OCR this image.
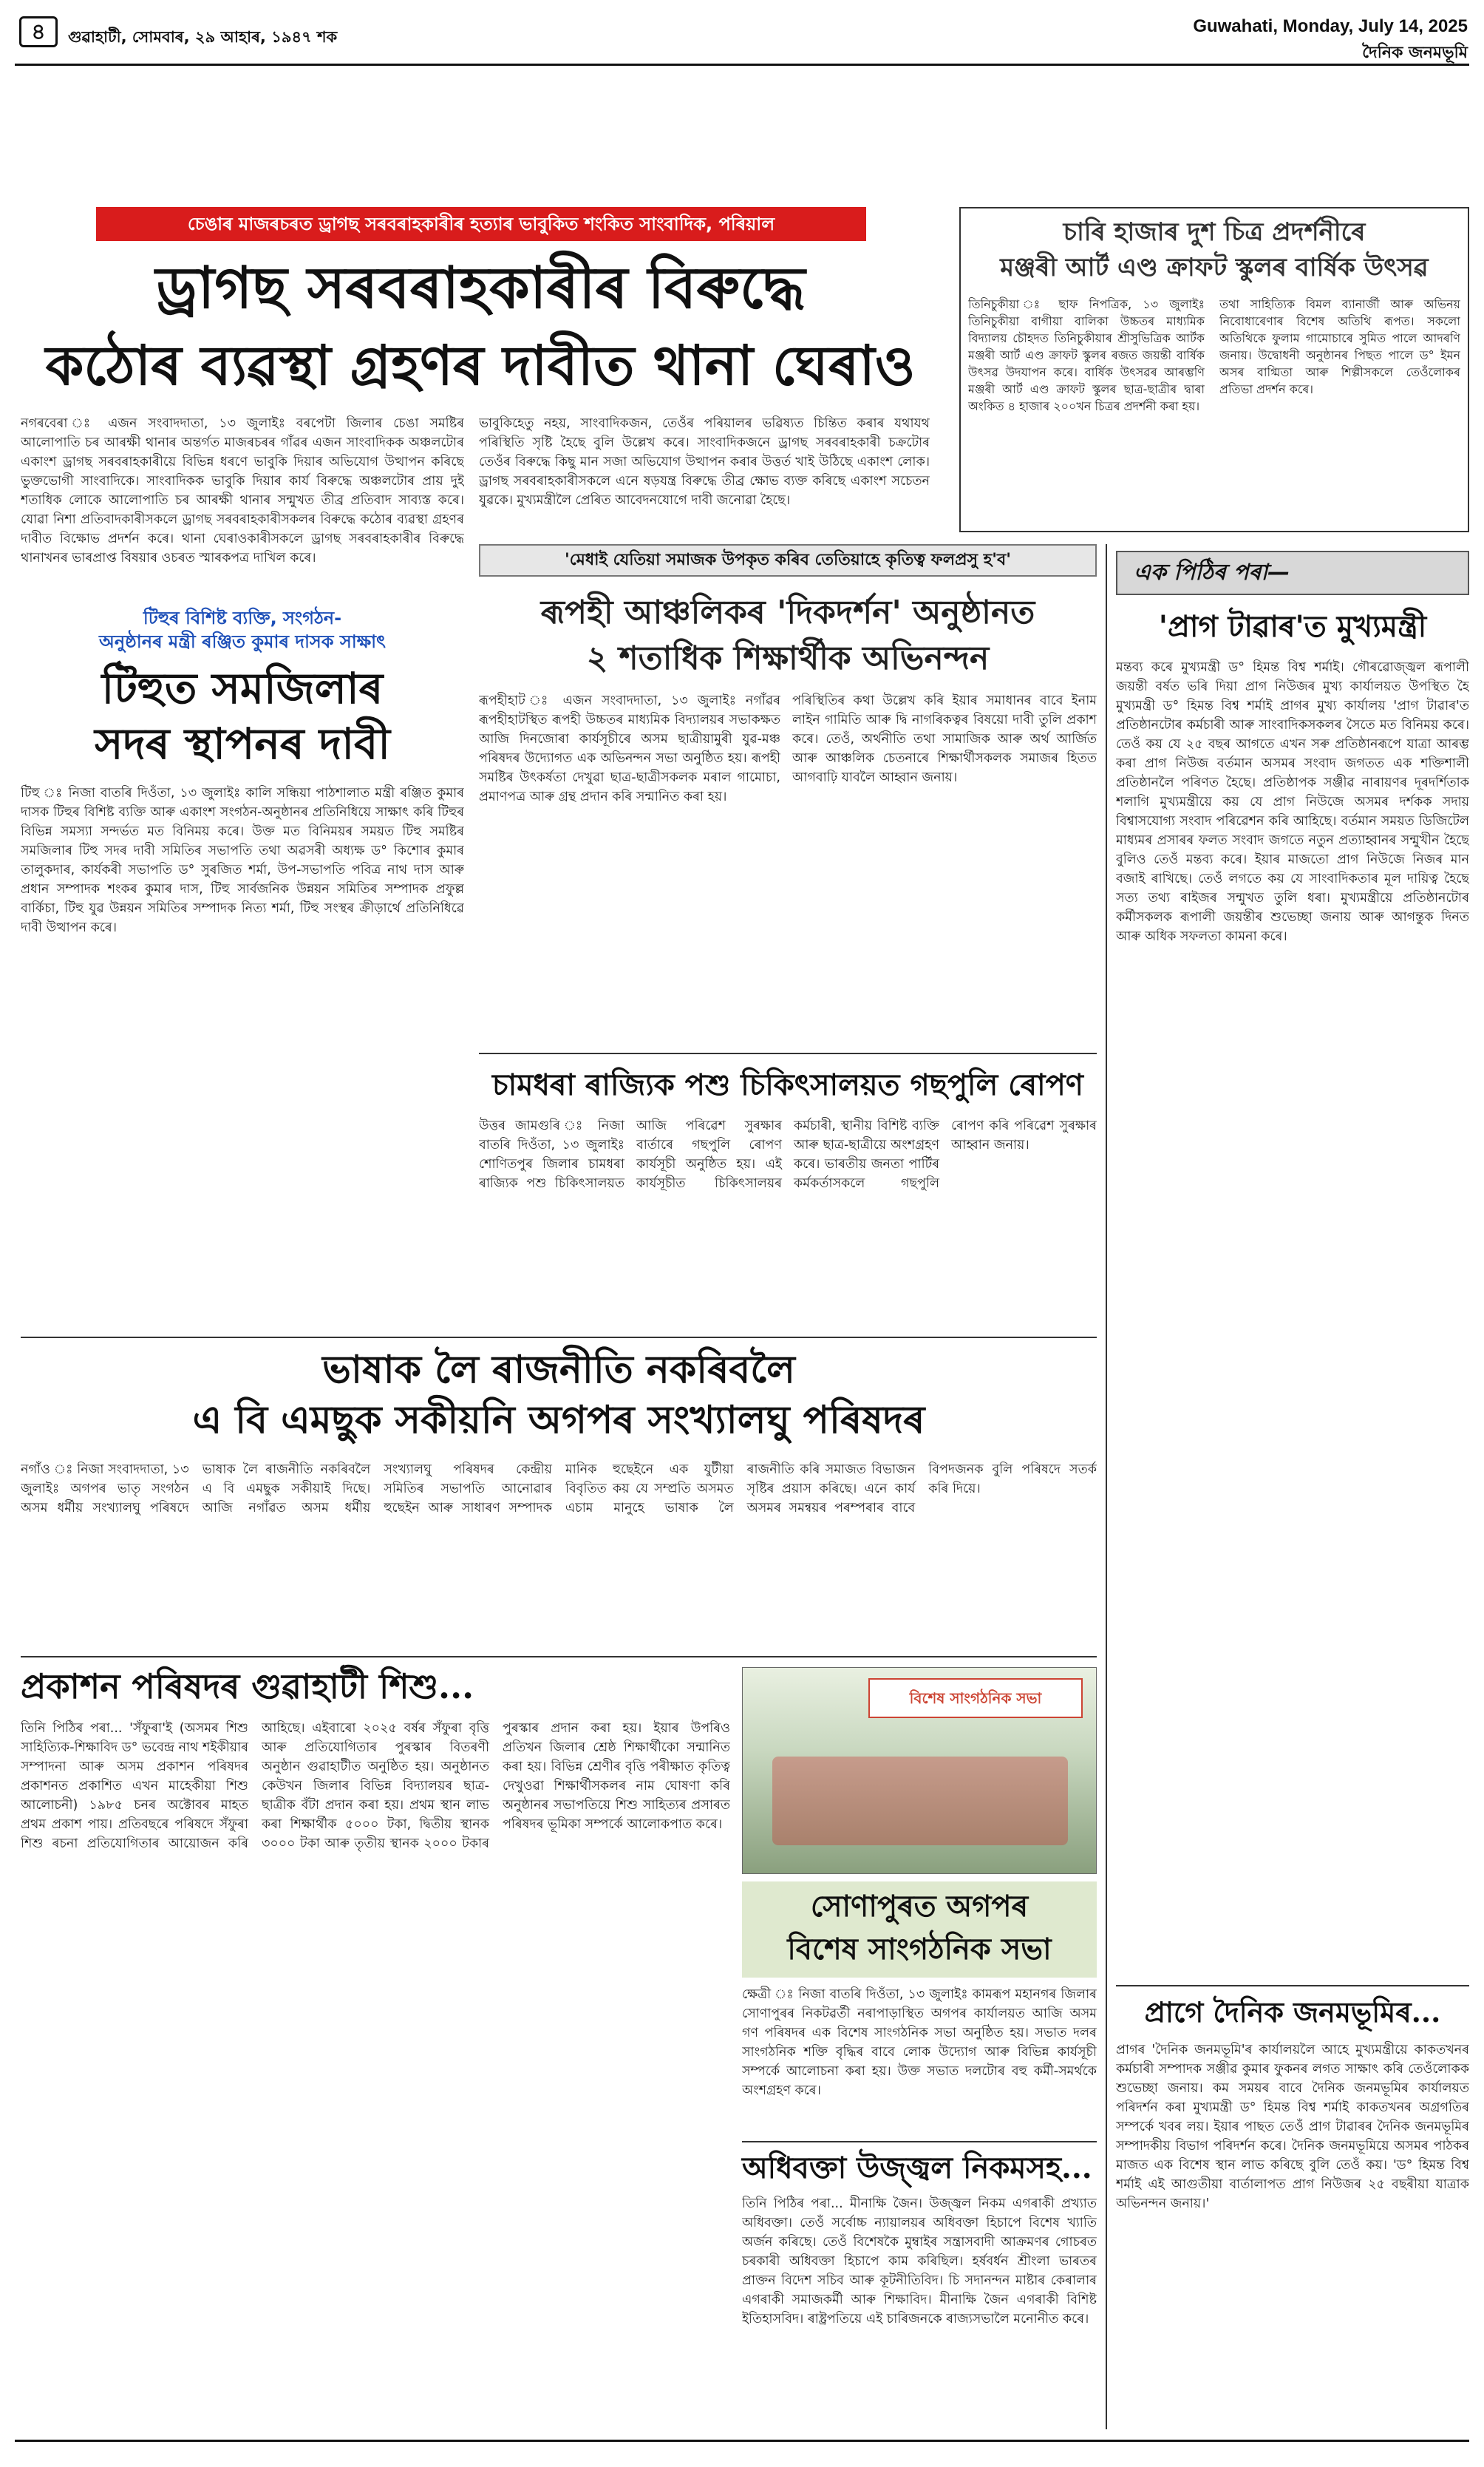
৪	গুৱাহাটী, সোমবাৰ, ২৯ আহাৰ, ১৯৪৭ শক
Guwahati, Monday, July 14, 2025
দৈনিক জনমভূমি
চেঙাৰ মাজৰচৰত ড্ৰাগছ সৰবৰাহকাৰীৰ হত্যাৰ ভাবুকিত শংকিত সাংবাদিক, পৰিয়াল
ড্ৰাগছ সৰবৰাহকাৰীৰ বিৰুদ্ধে
কঠোৰ ব্যৱস্থা গ্ৰহণৰ দাবীত থানা ঘেৰাও
নগৰবেৰা ঃ এজন সংবাদদাতা, ১৩ জুলাইঃ বৰপেটা জিলাৰ চেঙা সমষ্টিৰ আলোপাতি চৰ আৰক্ষী থানাৰ অন্তৰ্গত মাজৰচৰৰ গাঁৱৰ এজন সাংবাদিকক অঞ্চলটোৰ একাংশ ড্ৰাগছ সৰবৰাহকাৰীয়ে বিভিন্ন ধৰণে ভাবুকি দিয়াৰ অভিযোগ উত্থাপন কৰিছে ভুক্তভোগী সাংবাদিকে। সাংবাদিকক ভাবুকি দিয়াৰ কাৰ্য বিৰুদ্ধে অঞ্চলটোৰ প্ৰায় দুই শতাধিক লোকে আলোপাতি চৰ আৰক্ষী থানাৰ সন্মুখত তীব্ৰ প্ৰতিবাদ সাব্যস্ত কৰে। যোৱা নিশা প্ৰতিবাদকাৰীসকলে ড্ৰাগছ সৰবৰাহকাৰীসকলৰ বিৰুদ্ধে কঠোৰ ব্যৱস্থা গ্ৰহণৰ দাবীত বিক্ষোভ প্ৰদৰ্শন কৰে। থানা ঘেৰাওকাৰীসকলে ড্ৰাগছ সৰবৰাহকাৰীৰ বিৰুদ্ধে থানাখনৰ ভাৰপ্ৰাপ্ত বিষয়াৰ ওচৰত স্মাৰকপত্ৰ দাখিল কৰে।
ভাবুকিহেতু নহয়, সাংবাদিকজন, তেওঁৰ পৰিয়ালৰ ভৱিষ্যত চিন্তিত কৰাৰ যথাযথ পৰিস্থিতি সৃষ্টি হৈছে বুলি উল্লেখ কৰে। সাংবাদিকজনে ড্ৰাগছ সৰবৰাহকাৰী চক্ৰটোৰ তেওঁৰ বিৰুদ্ধে কিছু মান সজা অভিযোগ উত্থাপন কৰাৰ উত্তৰ্ত খাই উঠিছে একাংশ লোক। ড্ৰাগছ সৰবৰাহকাৰীসকলে এনে ষড়যন্ত্ৰ বিৰুদ্ধে তীব্ৰ ক্ষোভ ব্যক্ত কৰিছে একাংশ সচেতন যুৱকে। মুখ্যমন্ত্ৰীলৈ প্ৰেৰিত আবেদনযোগে দাবী জনোৱা হৈছে।
টিহুৰ বিশিষ্ট ব্যক্তি, সংগঠন-
অনুষ্ঠানৰ মন্ত্ৰী ৰঞ্জিত কুমাৰ দাসক সাক্ষাৎ
টিহুত সমজিলাৰ
সদৰ স্থাপনৰ দাবী
টিহু ঃ নিজা বাতৰি দিওঁতা, ১৩ জুলাইঃ কালি সন্ধিয়া পাঠশালাত মন্ত্ৰী ৰঞ্জিত কুমাৰ দাসক টিহুৰ বিশিষ্ট ব্যক্তি আৰু একাংশ সংগঠন-অনুষ্ঠানৰ প্ৰতিনিধিয়ে সাক্ষাৎ কৰি টিহুৰ বিভিন্ন সমস্যা সন্দৰ্ভত মত বিনিময় কৰে। উক্ত মত বিনিময়ৰ সময়ত টিহু সমষ্টিৰ সমজিলাৰ টিহু সদৰ দাবী সমিতিৰ সভাপতি তথা অৱসৰী অধ্যক্ষ ড° কিশোৰ কুমাৰ তালুকদাৰ, কাৰ্যকৰী সভাপতি ড° সুৰজিত শৰ্মা, উপ-সভাপতি পবিত্ৰ নাথ দাস আৰু প্ৰধান সম্পাদক শংকৰ কুমাৰ দাস, টিহু সাৰ্বজনিক উন্নয়ন সমিতিৰ সম্পাদক প্ৰফুল্ল বাৰ্কিচা, টিহু যুৱ উন্নয়ন সমিতিৰ সম্পাদক নিত্য শৰ্মা, টিহু সংস্থৰ ক্ৰীড়াৰ্থে প্ৰতিনিধিৱে দাবী উত্থাপন কৰে।
'মেধাই যেতিয়া সমাজক উপকৃত কৰিব তেতিয়াহে কৃতিত্ব ফলপ্ৰসু হ'ব'
ৰূপহী আঞ্চলিকৰ 'দিকদৰ্শন' অনুষ্ঠানত
২ শতাধিক শিক্ষাৰ্থীক অভিনন্দন
ৰূপহীহাট ঃ এজন সংবাদদাতা, ১৩ জুলাইঃ নগাঁৱৰ ৰূপহীহাটস্থিত ৰূপহী উচ্চতৰ মাধ্যমিক বিদ্যালয়ৰ সভাকক্ষত আজি দিনজোৰা কাৰ্যসূচীৰে অসম ছাত্ৰীয়ামুৰী যুৱ-মঞ্চ পৰিষদৰ উদ্যোগত এক অভিনন্দন সভা অনুষ্ঠিত হয়। ৰূপহী সমষ্টিৰ উৎকৰ্ষতা দেখুৱা ছাত্ৰ-ছাত্ৰীসকলক মৰাল গামোচা, প্ৰমাণপত্ৰ আৰু গ্ৰন্থ প্ৰদান কৰি সন্মানিত কৰা হয়।
পৰিস্থিতিৰ কথা উল্লেখ কৰি ইয়াৰ সমাধানৰ বাবে ইনাম লাইন গামিতি আৰু দ্বি নাগৰিকত্বৰ বিষয়ো দাবী তুলি প্ৰকাশ কৰে। তেওঁ, অৰ্থনীতি তথা সামাজিক আৰু অৰ্থ আৰ্জিত আৰু আঞ্চলিক চেতনাৰে শিক্ষাৰ্থীসকলক সমাজৰ হিতত আগবাঢ়ি যাবলৈ আহ্বান জনায়।
চামধৰা ৰাজ্যিক পশু চিকিৎসালয়ত গছপুলি ৰোপণ
উত্তৰ জামগুৰি ঃ নিজা বাতৰি দিওঁতা, ১৩ জুলাইঃ শোণিতপুৰ জিলাৰ চামধৰা ৰাজ্যিক পশু চিকিৎসালয়ত আজি পৰিৱেশ সুৰক্ষাৰ বাৰ্তাৰে গছপুলি ৰোপণ কাৰ্যসূচী অনুষ্ঠিত হয়। এই কাৰ্যসূচীত চিকিৎসালয়ৰ কৰ্মচাৰী, স্থানীয় বিশিষ্ট ব্যক্তি আৰু ছাত্ৰ-ছাত্ৰীয়ে অংশগ্ৰহণ কৰে। ভাৰতীয় জনতা পাৰ্টিৰ কৰ্মকৰ্তাসকলে গছপুলি ৰোপণ কৰি পৰিৱেশ সুৰক্ষাৰ আহ্বান জনায়।
ভাষাক লৈ ৰাজনীতি নকৰিবলৈ
এ বি এমছুক সকীয়নি অগপৰ সংখ্যালঘু পৰিষদৰ
নগাঁও ঃ নিজা সংবাদদাতা, ১৩ জুলাইঃ অগপৰ ভাতৃ সংগঠন অসম ধৰ্মীয় সংখ্যালঘু পৰিষদে ভাষাক লৈ ৰাজনীতি নকৰিবলৈ এ বি এমছুক সকীয়াই দিছে। আজি নগাঁৱত অসম ধৰ্মীয় সংখ্যালঘু পৰিষদৰ কেন্দ্ৰীয় সমিতিৰ সভাপতি আনোৱাৰ হুছেইন আৰু সাধাৰণ সম্পাদক মানিক হুছেইনে এক যুটীয়া বিবৃতিত কয় যে সম্প্ৰতি অসমত এচাম মানুহে ভাষাক লৈ ৰাজনীতি কৰি সমাজত বিভাজন সৃষ্টিৰ প্ৰয়াস কৰিছে। এনে কাৰ্য অসমৰ সমন্বয়ৰ পৰম্পৰাৰ বাবে বিপদজনক বুলি পৰিষদে সতৰ্ক কৰি দিয়ে।
প্ৰকাশন পৰিষদৰ গুৱাহাটী শিশু...
তিনি পিঠিৰ পৰা... 'সঁফুৰা'ই (অসমৰ শিশু সাহিত্যিক-শিক্ষাবিদ ড° ভবেন্দ্ৰ নাথ শইকীয়াৰ সম্পাদনা আৰু অসম প্ৰকাশন পৰিষদৰ প্ৰকাশনত প্ৰকাশিত এখন মাহেকীয়া শিশু আলোচনী) ১৯৮৫ চনৰ অক্টোবৰ মাহত প্ৰথম প্ৰকাশ পায়। প্ৰতিবছৰে পৰিষদে সঁফুৰা শিশু ৰচনা প্ৰতিযোগিতাৰ আয়োজন কৰি আহিছে। এইবাৰো ২০২৫ বৰ্ষৰ সঁফুৰা বৃত্তি আৰু প্ৰতিযোগিতাৰ পুৰস্কাৰ বিতৰণী অনুষ্ঠান গুৱাহাটীত অনুষ্ঠিত হয়। অনুষ্ঠানত কেউখন জিলাৰ বিভিন্ন বিদ্যালয়ৰ ছাত্ৰ-ছাত্ৰীক বঁটা প্ৰদান কৰা হয়। প্ৰথম স্থান লাভ কৰা শিক্ষাৰ্থীক ৫০০০ টকা, দ্বিতীয় স্থানক ৩০০০ টকা আৰু তৃতীয় স্থানক ২০০০ টকাৰ পুৰস্কাৰ প্ৰদান কৰা হয়। ইয়াৰ উপৰিও প্ৰতিখন জিলাৰ শ্ৰেষ্ঠ শিক্ষাৰ্থীকো সন্মানিত কৰা হয়। বিভিন্ন শ্ৰেণীৰ বৃত্তি পৰীক্ষাত কৃতিত্ব দেখুওৱা শিক্ষাৰ্থীসকলৰ নাম ঘোষণা কৰি অনুষ্ঠানৰ সভাপতিয়ে শিশু সাহিত্যৰ প্ৰসাৰত পৰিষদৰ ভূমিকা সম্পৰ্কে আলোকপাত কৰে।
বিশেষ সাংগঠনিক সভা
সোণাপুৰত অগপৰ
বিশেষ সাংগঠনিক সভা
ক্ষেত্ৰী ঃ নিজা বাতৰি দিওঁতা, ১৩ জুলাইঃ কামৰূপ মহানগৰ জিলাৰ সোণাপুৰৰ নিকটৱৰ্তী নৰাপাড়াস্থিত অগপৰ কাৰ্যালয়ত আজি অসম গণ পৰিষদৰ এক বিশেষ সাংগঠনিক সভা অনুষ্ঠিত হয়। সভাত দলৰ সাংগঠনিক শক্তি বৃদ্ধিৰ বাবে লোক উদ্যোগ আৰু বিভিন্ন কাৰ্যসূচী সম্পৰ্কে আলোচনা কৰা হয়। উক্ত সভাত দলটোৰ বহু কৰ্মী-সমৰ্থকে অংশগ্ৰহণ কৰে।
অধিবক্তা উজ্জ্বল নিকমসহ...
তিনি পিঠিৰ পৰা... মীনাক্ষি জৈন। উজ্জ্বল নিকম এগৰাকী প্ৰখ্যাত অধিবক্তা। তেওঁ সৰ্বোচ্চ ন্যায়ালয়ৰ অধিবক্তা হিচাপে বিশেষ খ্যাতি অৰ্জন কৰিছে। তেওঁ বিশেষকৈ মুম্বাইৰ সন্ত্ৰাসবাদী আক্ৰমণৰ গোচৰত চৰকাৰী অধিবক্তা হিচাপে কাম কৰিছিল। হৰ্ষবৰ্ধন শ্ৰীংলা ভাৰতৰ প্ৰাক্তন বিদেশ সচিব আৰু কূটনীতিবিদ। চি সদানন্দন মাষ্টাৰ কেৰালাৰ এগৰাকী সমাজকৰ্মী আৰু শিক্ষাবিদ। মীনাক্ষি জৈন এগৰাকী বিশিষ্ট ইতিহাসবিদ। ৰাষ্ট্ৰপতিয়ে এই চাৰিজনকে ৰাজ্যসভালৈ মনোনীত কৰে।
চাৰি হাজাৰ দুশ চিত্ৰ প্ৰদৰ্শনীৰে
মঞ্জৰী আৰ্ট এণ্ড ক্ৰাফট স্কুলৰ বাৰ্ষিক উৎসৱ
তিনিচুকীয়া ঃ ছাফ নিপত্ৰিক, ১৩ জুলাইঃ তিনিচুকীয়া বাগীয়া বালিকা উচ্চতৰ মাধ্যমিক বিদ্যালয় চৌহদত তিনিচুকীয়াৰ শ্ৰীসুভিত্ৰিক আৰ্টক মঞ্জৰী আৰ্ট এণ্ড ক্ৰাফট স্কুলৰ ৰজত জয়ন্তী বাৰ্ষিক উৎসৱ উদযাপন কৰে। বাৰ্ষিক উৎসৱৰ আৰম্ভণি মঞ্জৰী আৰ্ট এণ্ড ক্ৰাফট স্কুলৰ ছাত্ৰ-ছাত্ৰীৰ দ্বাৰা অংকিত ৪ হাজাৰ ২০০খন চিত্ৰৰ প্ৰদৰ্শনী কৰা হয়।
তথা সাহিত্যিক বিমল ব্যানাৰ্জী আৰু অভিনয় নিবোধাৰেণাৰ বিশেষ অতিথি ৰূপত। সকলো অতিথিকে ফুলাম গামোচাৰে সুমিত পালে আদৰণি জনায়। উদ্বোধনী অনুষ্ঠানৰ পিছত পালে ড° ইমন অসৰ বাগ্মিতা আৰু শিল্পীসকলে তেওঁলোকৰ প্ৰতিভা প্ৰদৰ্শন কৰে।
এক পিঠিৰ পৰা—
'প্ৰাগ টাৱাৰ'ত মুখ্যমন্ত্ৰী
মন্তব্য কৰে মুখ্যমন্ত্ৰী ড° হিমন্ত বিশ্ব শৰ্মাই। গৌৰৱোজ্জ্বল ৰূপালী জয়ন্তী বৰ্ষত ভৰি দিয়া প্ৰাগ নিউজৰ মুখ্য কাৰ্যালয়ত উপস্থিত হৈ মুখ্যমন্ত্ৰী ড° হিমন্ত বিশ্ব শৰ্মাই প্ৰাগৰ মুখ্য কাৰ্যালয় 'প্ৰাগ টাৱাৰ'ত প্ৰতিষ্ঠানটোৰ কৰ্মচাৰী আৰু সাংবাদিকসকলৰ সৈতে মত বিনিময় কৰে। তেওঁ কয় যে ২৫ বছৰ আগতে এখন সৰু প্ৰতিষ্ঠানৰূপে যাত্ৰা আৰম্ভ কৰা প্ৰাগ নিউজ বৰ্তমান অসমৰ সংবাদ জগতত এক শক্তিশালী প্ৰতিষ্ঠানলৈ পৰিণত হৈছে। প্ৰতিষ্ঠাপক সঞ্জীৱ নাৰায়ণৰ দূৰদৰ্শিতাক শলাগি মুখ্যমন্ত্ৰীয়ে কয় যে প্ৰাগ নিউজে অসমৰ দৰ্শকক সদায় বিশ্বাসযোগ্য সংবাদ পৰিৱেশন কৰি আহিছে। বৰ্তমান সময়ত ডিজিটেল মাধ্যমৰ প্ৰসাৰৰ ফলত সংবাদ জগতে নতুন প্ৰত্যাহ্বানৰ সন্মুখীন হৈছে বুলিও তেওঁ মন্তব্য কৰে। ইয়াৰ মাজতো প্ৰাগ নিউজে নিজৰ মান বজাই ৰাখিছে। তেওঁ লগতে কয় যে সাংবাদিকতাৰ মূল দায়িত্ব হৈছে সত্য তথ্য ৰাইজৰ সন্মুখত তুলি ধৰা। মুখ্যমন্ত্ৰীয়ে প্ৰতিষ্ঠানটোৰ কৰ্মীসকলক ৰূপালী জয়ন্তীৰ শুভেচ্ছা জনায় আৰু আগন্তুক দিনত আৰু অধিক সফলতা কামনা কৰে।
প্ৰাগে দৈনিক জনমভূমিৰ...
প্ৰাগৰ 'দৈনিক জনমভূমি'ৰ কাৰ্যালয়লৈ আহে মুখ্যমন্ত্ৰীয়ে কাকতখনৰ কৰ্মচাৰী সম্পাদক সঞ্জীৱ কুমাৰ ফুকনৰ লগত সাক্ষাৎ কৰি তেওঁলোকক শুভেচ্ছা জনায়। কম সময়ৰ বাবে দৈনিক জনমভূমিৰ কাৰ্যালয়ত পৰিদৰ্শন কৰা মুখ্যমন্ত্ৰী ড° হিমন্ত বিশ্ব শৰ্মাই কাকতখনৰ অগ্ৰগতিৰ সম্পৰ্কে খবৰ লয়। ইয়াৰ পাছত তেওঁ প্ৰাগ টাৱাৰৰ দৈনিক জনমভূমিৰ সম্পাদকীয় বিভাগ পৰিদৰ্শন কৰে। দৈনিক জনমভূমিয়ে অসমৰ পাঠকৰ মাজত এক বিশেষ স্থান লাভ কৰিছে বুলি তেওঁ কয়। 'ড° হিমন্ত বিশ্ব শৰ্মাই এই আগুতীয়া বাৰ্তালাপত প্ৰাগ নিউজৰ ২৫ বছৰীয়া যাত্ৰাক অভিনন্দন জনায়।'
